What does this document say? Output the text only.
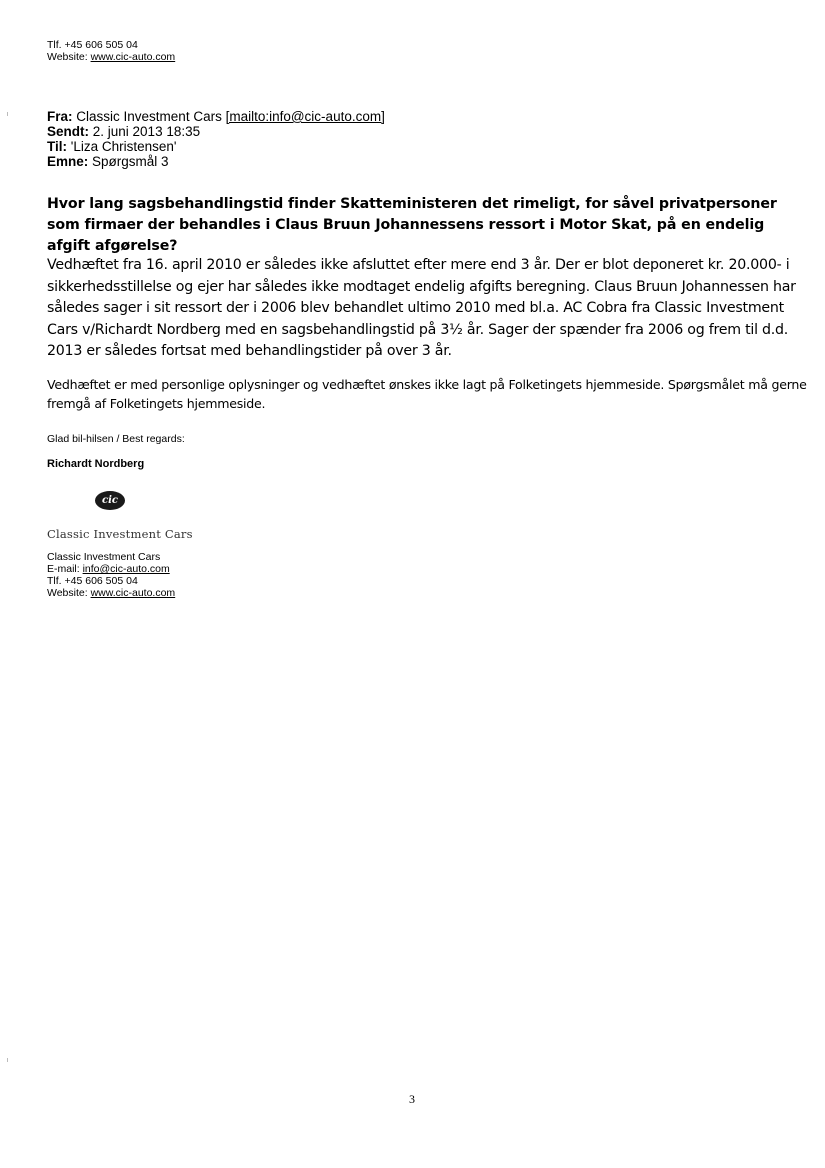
Tlf. +45 606 505 04
Website: www.cic-auto.com
Fra: Classic Investment Cars [mailto:info@cic-auto.com]
Sendt: 2. juni 2013 18:35
Til: 'Liza Christensen'
Emne: Spørgsmål 3
Hvor lang sagsbehandlingstid finder Skatteministeren det rimeligt, for såvel privatpersoner som firmaer der behandles i Claus Bruun Johannessens ressort i Motor Skat, på en endelig afgift afgørelse?
Vedhæftet fra 16. april 2010 er således ikke afsluttet efter mere end 3 år. Der er blot deponeret kr. 20.000- i sikkerhedsstillelse og ejer har således ikke modtaget endelig afgifts beregning. Claus Bruun Johannessen har således sager i sit ressort der i 2006 blev behandlet ultimo 2010 med bl.a. AC Cobra fra Classic Investment Cars v/Richardt Nordberg med en sagsbehandlingstid på 3½ år. Sager der spænder fra 2006 og frem til d.d. 2013 er således fortsat med behandlingstider på over 3 år.
Vedhæftet er med personlige oplysninger og vedhæftet ønskes ikke lagt på Folketingets hjemmeside. Spørgsmålet må gerne fremgå af Folketingets hjemmeside.
Glad bil-hilsen / Best regards:
Richardt Nordberg
cic
Classic Investment Cars
Classic Investment Cars
E-mail: info@cic-auto.com
Tlf. +45 606 505 04
Website: www.cic-auto.com
3
